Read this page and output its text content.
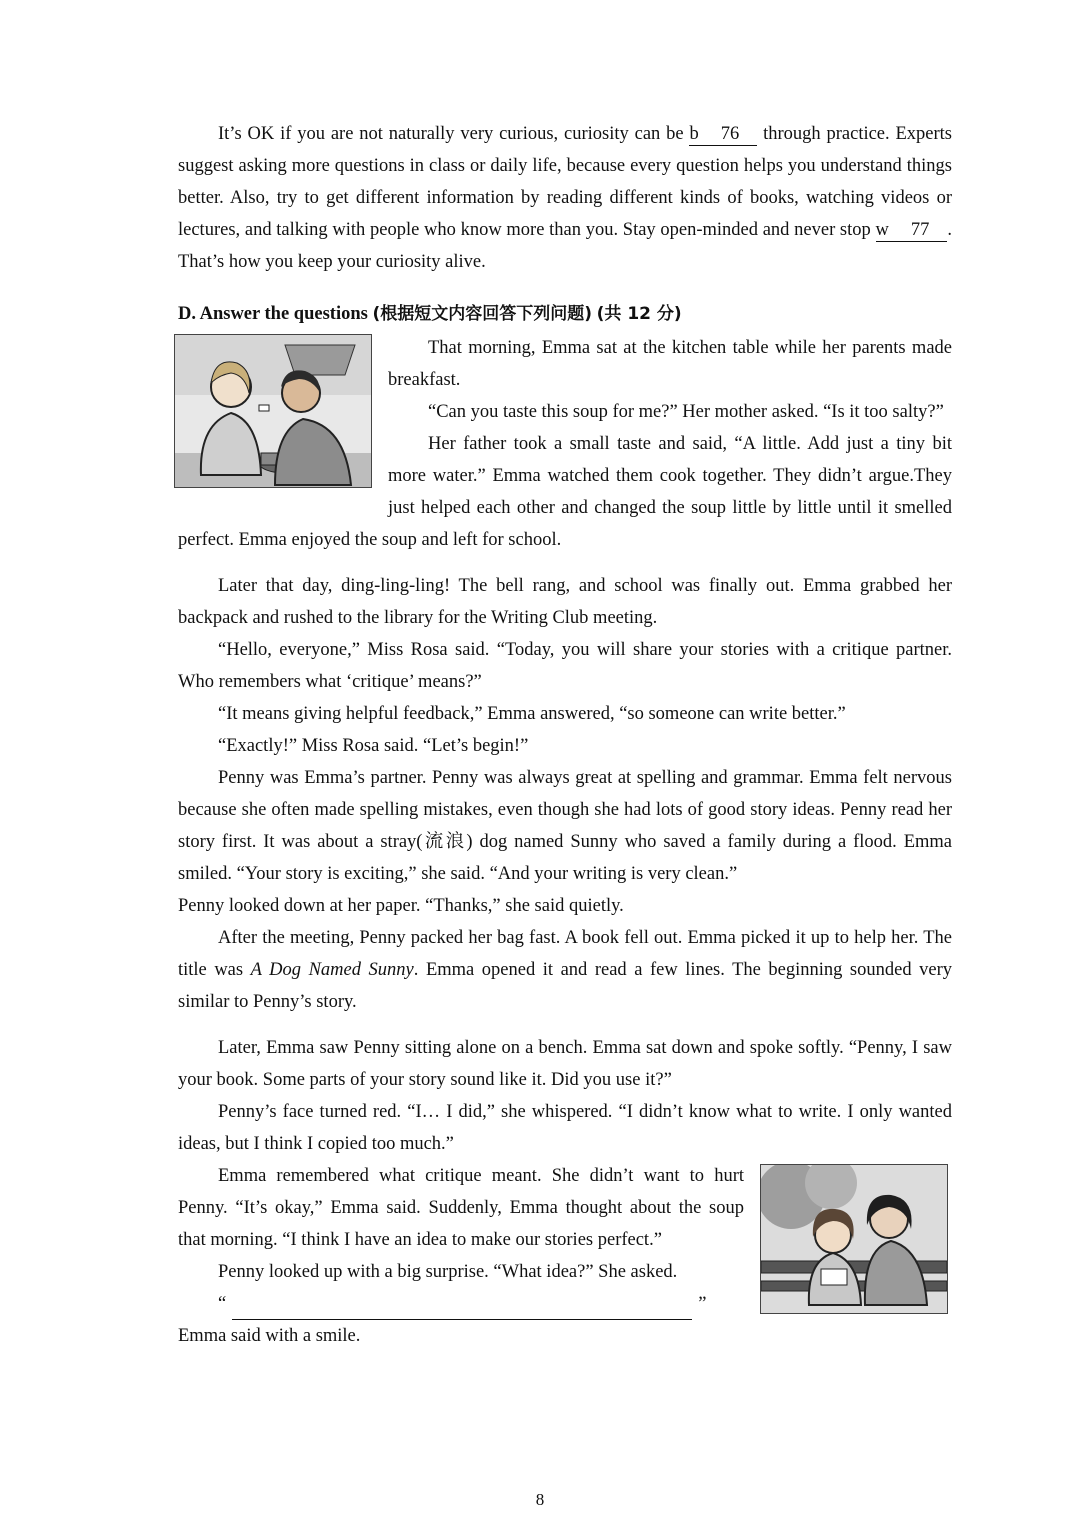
It’s OK if you are not naturally very curious, curiosity can be b 76 through practice. Experts suggest asking more questions in class or daily life, because every question helps you understand things better. Also, try to get different information by reading different kinds of books, watching videos or lectures, and talking with people who know more than you. Stay open-minded and never stop w 77 . That’s how you keep your curiosity alive.

D. Answer the questions (根据短文内容回答下列问题) (共 12 分)

That morning, Emma sat at the kitchen table while her parents made breakfast.

“Can you taste this soup for me?” Her mother asked. “Is it too salty?”

Her father took a small taste and said, “A little. Add just a tiny bit more water.” Emma watched them cook together. They didn’t argue.They just helped each other and changed the soup little by little until it smelled perfect. Emma enjoyed the soup and left for school.

Later that day, ding-ling-ling! The bell rang, and school was finally out. Emma grabbed her backpack and rushed to the library for the Writing Club meeting.

“Hello, everyone,” Miss Rosa said. “Today, you will share your stories with a critique partner. Who remembers what ‘critique’ means?”

“It means giving helpful feedback,” Emma answered, “so someone can write better.”

“Exactly!” Miss Rosa said. “Let’s begin!”

Penny was Emma’s partner. Penny was always great at spelling and grammar. Emma felt nervous because she often made spelling mistakes, even though she had lots of good story ideas. Penny read her story first. It was about a stray(流浪) dog named Sunny who saved a family during a flood. Emma smiled. “Your story is exciting,” she said. “And your writing is very clean.”

Penny looked down at her paper. “Thanks,” she said quietly.

After the meeting, Penny packed her bag fast. A book fell out. Emma picked it up to help her. The title was A Dog Named Sunny. Emma opened it and read a few lines. The beginning sounded very similar to Penny’s story.

Later, Emma saw Penny sitting alone on a bench. Emma sat down and spoke softly. “Penny, I saw your book. Some parts of your story sound like it. Did you use it?”

Penny’s face turned red. “I… I did,” she whispered. “I didn’t know what to write. I only wanted ideas, but I think I copied too much.”

Emma remembered what critique meant. She didn’t want to hurt Penny. “It’s okay,” Emma said. Suddenly, Emma thought about the soup that morning. “I think I have an idea to make our stories perfect.”

Penny looked up with a big surprise. “What idea?” She asked.

“	” Emma said with a smile.

8
